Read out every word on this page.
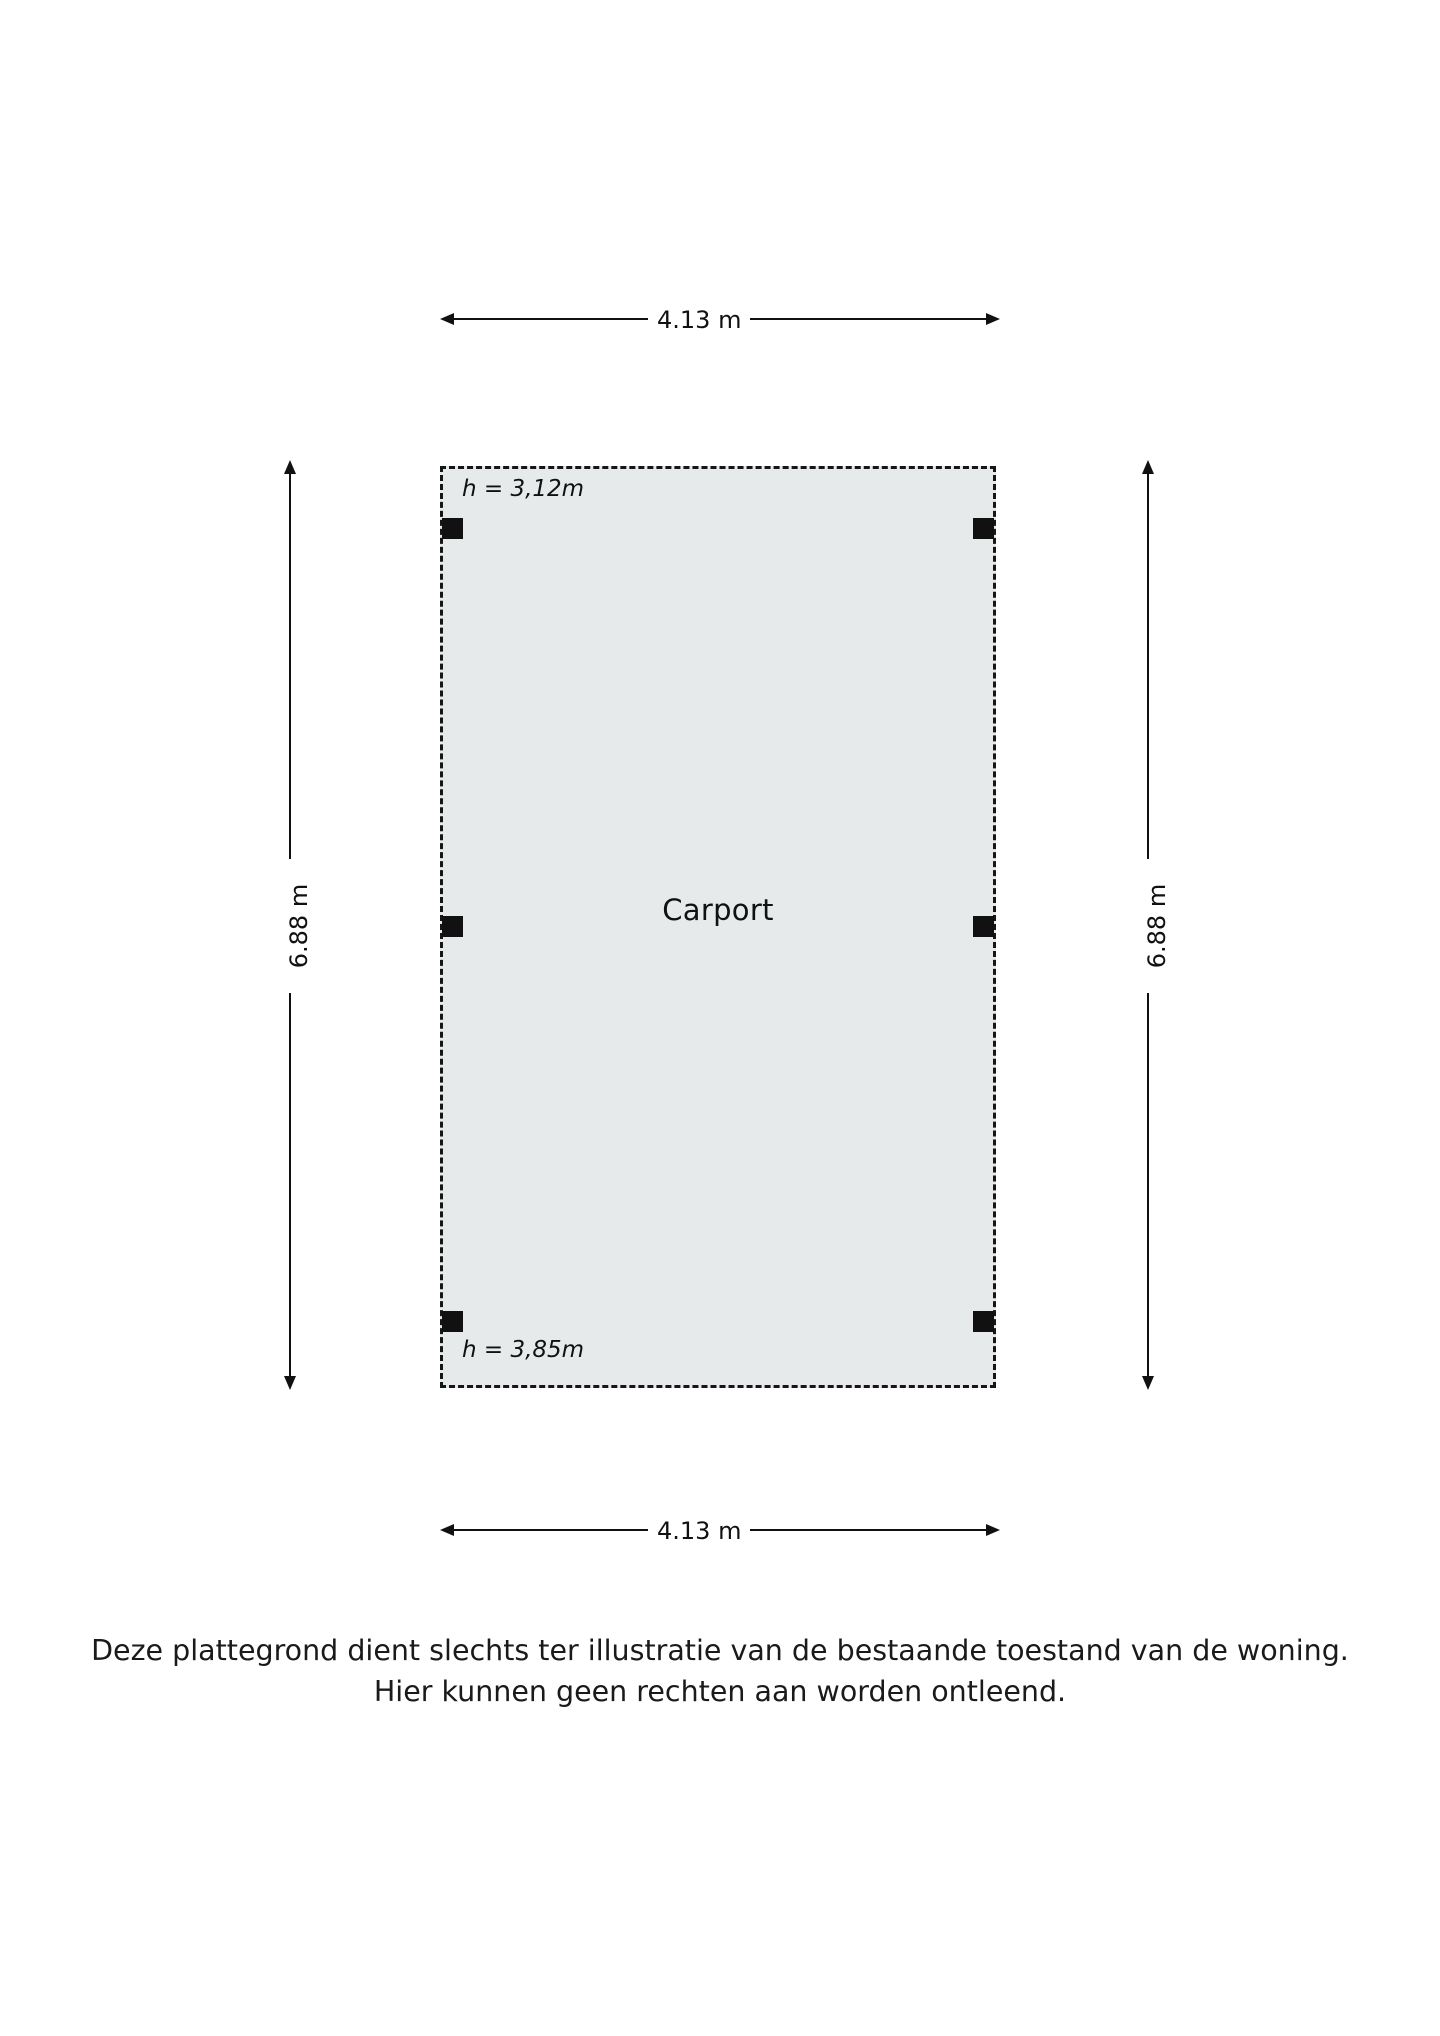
Carport
h = 3,12m
h = 3,85m
4.13 m
4.13 m
6.88 m	6.88 m
Deze plattegrond dient slechts ter illustratie van de bestaande toestand van de woning.
Hier kunnen geen rechten aan worden ontleend.
